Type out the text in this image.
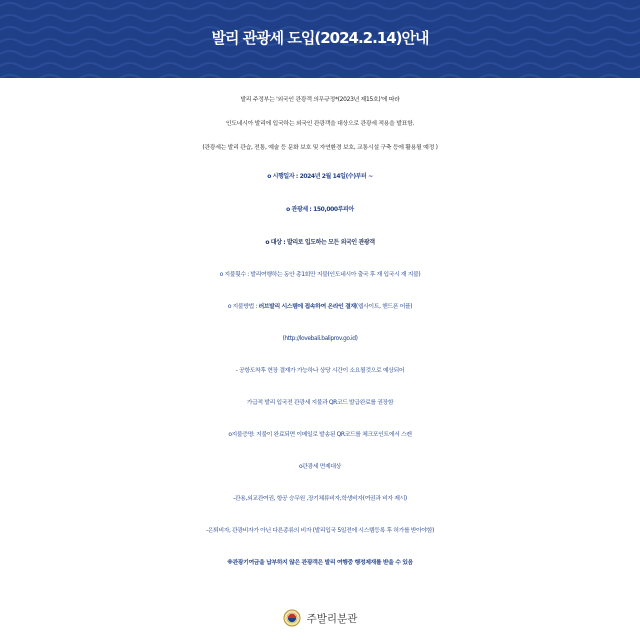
발리 관광세 도입(2024.2.14)안내
발리 주정부는 '외국인 관광객 의무규정*(2023년 제15호)'에 따라
인도네시아 발리에 입국하는 외국인 관광객을 대상으로 관광세 적용을 발표함.
(관광세는 발리 관습, 전통, 예술 등 문화 보호 및 자연환경 보호, 교통시설 구축 등에 활용될 예정 )
o 시행일자 : 2024년 2월 14일(수)부터 ~
o 관광세 : 150,000루피아
o 대상 : 발리로 입도하는 모든 외국인 관광객
o 지불횟수 : 발리여행하는 동안 총1회만 지불(인도네시아 출국 후 재 입국시 재 지불)
o 지불방법 : 러브발리 시스템에 접속하여 온라인 결재(웹사이트, 핸드폰 어플)
(http://lovebali.baliprov.go.id)
- 공항도착후 현장 결재가 가능하나 상당 시간이 소요될것으로 예상되어
가급적 발리 입국전 관광세 지불과 QR코드 발급완료를 권장함
o지불증명: 지불이 완료되면 이메일로 발송된 QR코드를 체크포인트에서 스캔
o관광세 면제대상
-관용,외교관여권, 항공 승무원 ,장기체류비자,학생비자(여권과 비자 제시)
-은퇴비자, 관광비자가 아닌 다른종류의 비자 (발리입국 5일전에 시스템등록 후 허가를 받아야함)
※관광기여금을 납부하지 않은 관광객은 발리 여행중 행정제재를 받을 수 있음
주발리분관
